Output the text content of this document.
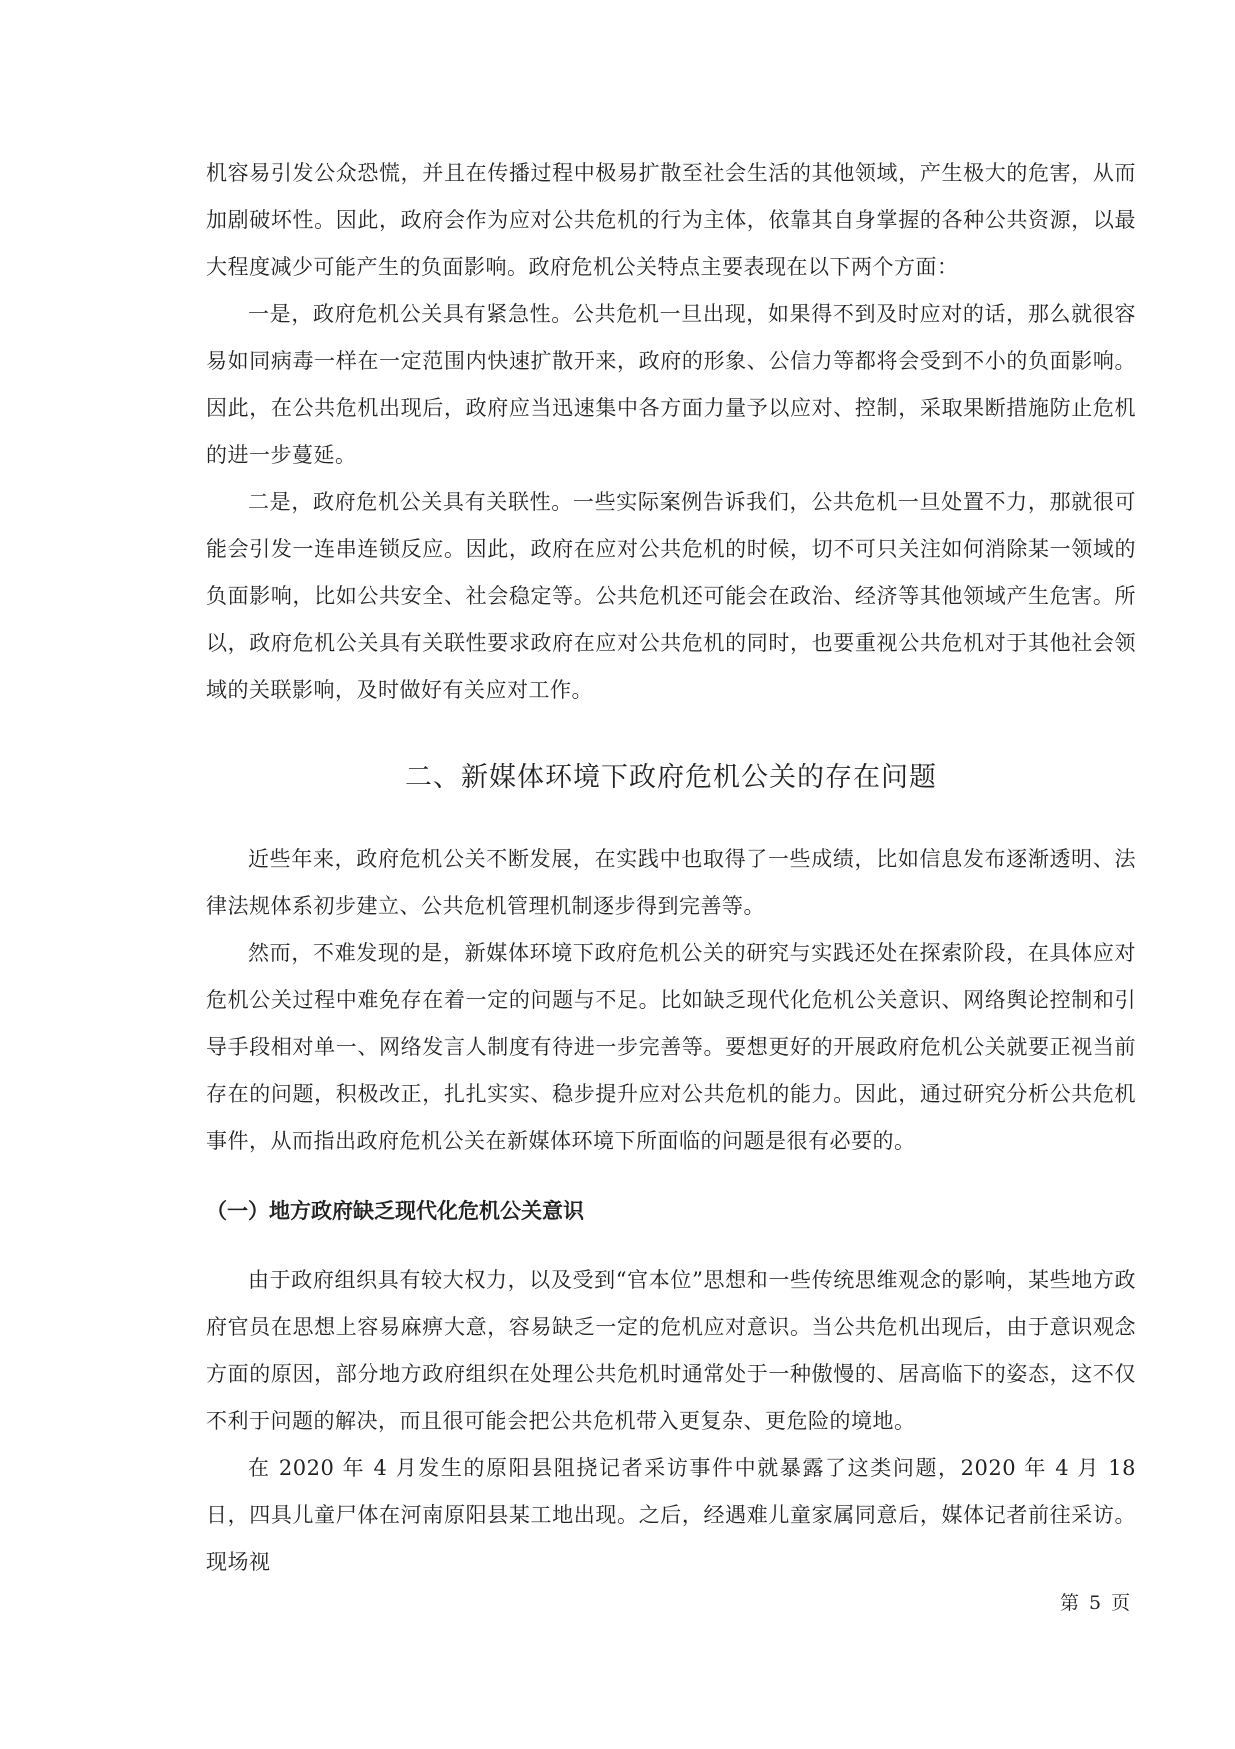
机容易引发公众恐慌，并且在传播过程中极易扩散至社会生活的其他领域，产生极大的危害，从而加剧破坏性。因此，政府会作为应对公共危机的行为主体，依靠其自身掌握的各种公共资源，以最大程度减少可能产生的负面影响。政府危机公关特点主要表现在以下两个方面：

一是，政府危机公关具有紧急性。公共危机一旦出现，如果得不到及时应对的话，那么就很容易如同病毒一样在一定范围内快速扩散开来，政府的形象、公信力等都将会受到不小的负面影响。因此，在公共危机出现后，政府应当迅速集中各方面力量予以应对、控制，采取果断措施防止危机的进一步蔓延。

二是，政府危机公关具有关联性。一些实际案例告诉我们，公共危机一旦处置不力，那就很可能会引发一连串连锁反应。因此，政府在应对公共危机的时候，切不可只关注如何消除某一领域的负面影响，比如公共安全、社会稳定等。公共危机还可能会在政治、经济等其他领域产生危害。所以，政府危机公关具有关联性要求政府在应对公共危机的同时，也要重视公共危机对于其他社会领域的关联影响，及时做好有关应对工作。

二、新媒体环境下政府危机公关的存在问题

近些年来，政府危机公关不断发展，在实践中也取得了一些成绩，比如信息发布逐渐透明、法律法规体系初步建立、公共危机管理机制逐步得到完善等。

然而，不难发现的是，新媒体环境下政府危机公关的研究与实践还处在探索阶段，在具体应对危机公关过程中难免存在着一定的问题与不足。比如缺乏现代化危机公关意识、网络舆论控制和引导手段相对单一、网络发言人制度有待进一步完善等。要想更好的开展政府危机公关就要正视当前存在的问题，积极改正，扎扎实实、稳步提升应对公共危机的能力。因此，通过研究分析公共危机事件，从而指出政府危机公关在新媒体环境下所面临的问题是很有必要的。

（一）地方政府缺乏现代化危机公关意识

由于政府组织具有较大权力，以及受到“官本位”思想和一些传统思维观念的影响，某些地方政府官员在思想上容易麻痹大意，容易缺乏一定的危机应对意识。当公共危机出现后，由于意识观念方面的原因，部分地方政府组织在处理公共危机时通常处于一种傲慢的、居高临下的姿态，这不仅不利于问题的解决，而且很可能会把公共危机带入更复杂、更危险的境地。

在 2020 年 4 月发生的原阳县阻挠记者采访事件中就暴露了这类问题，2020 年 4 月 18 日，四具儿童尸体在河南原阳县某工地出现。之后，经遇难儿童家属同意后，媒体记者前往采访。现场视

第 5 页
